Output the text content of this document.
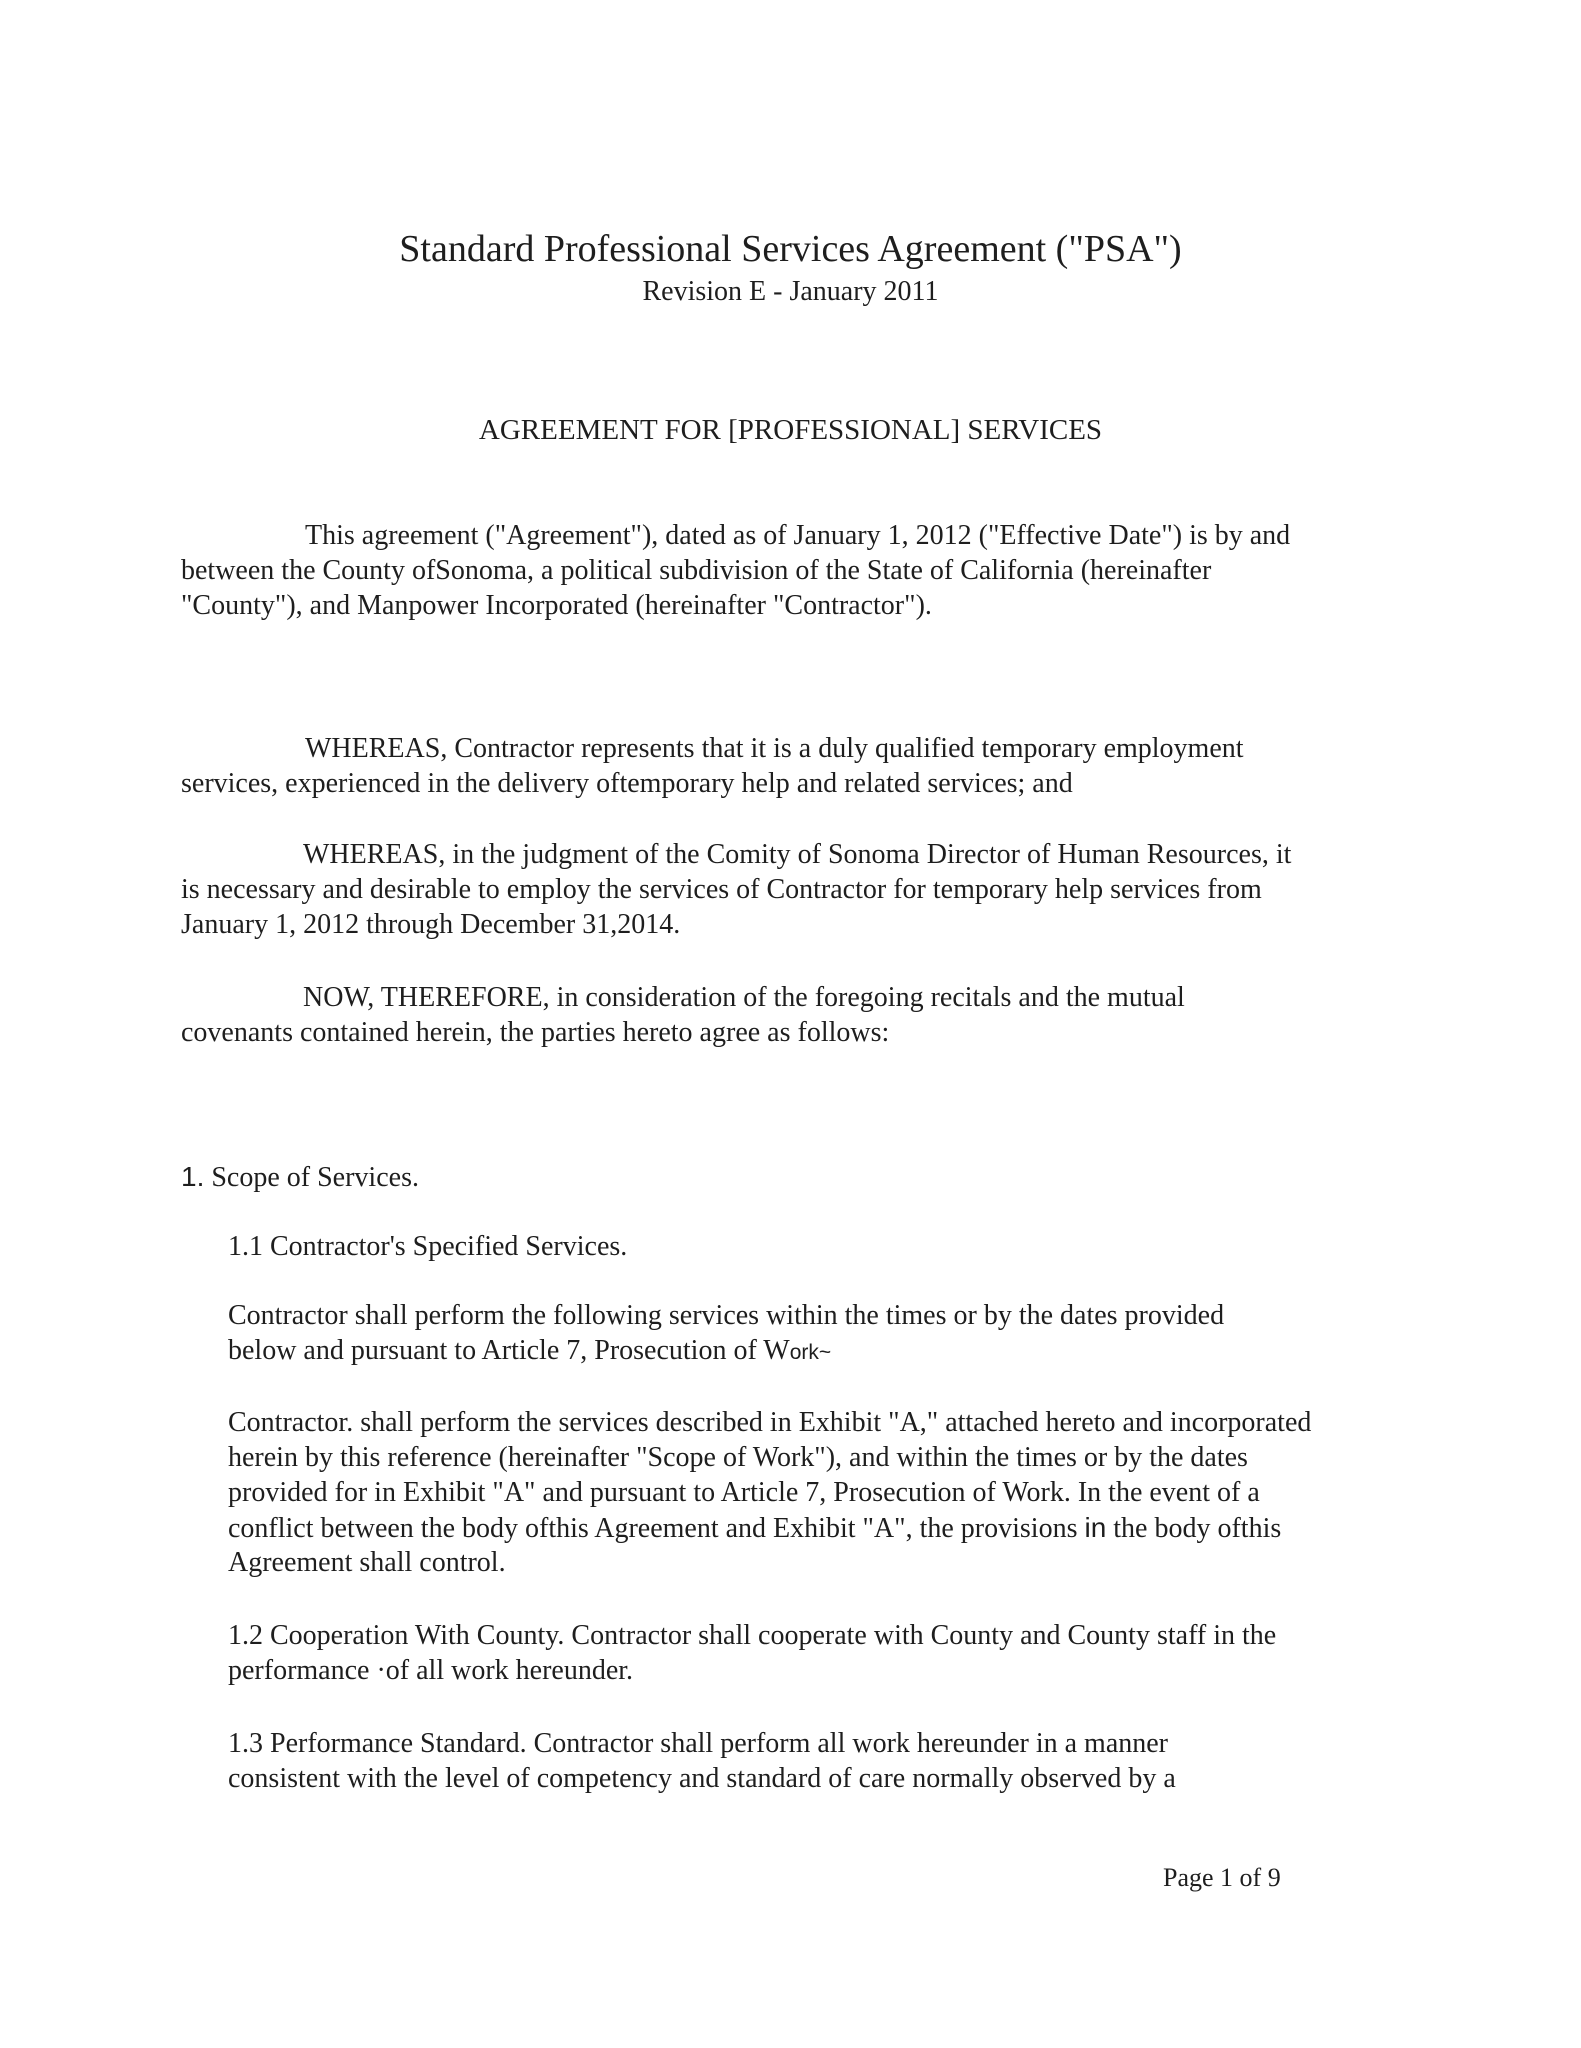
Standard Professional Services Agreement ("PSA")
Revision E - January 2011
AGREEMENT FOR [PROFESSIONAL] SERVICES
This agreement ("Agreement"), dated as of January 1, 2012 ("Effective Date") is by and
between the County ofSonoma, a political subdivision of the State of California (hereinafter
"County"), and Manpower Incorporated (hereinafter "Contractor").
WHEREAS, Contractor represents that it is a duly qualified temporary employment
services, experienced in the delivery oftemporary help and related services; and
WHEREAS, in the judgment of the Comity of Sonoma Director of Human Resources, it
is necessary and desirable to employ the services of Contractor for temporary help services from
January 1, 2012 through December 31,2014.
NOW, THEREFORE, in consideration of the foregoing recitals and the mutual
covenants contained herein, the parties hereto agree as follows:
1. Scope of Services.
1.1 Contractor's Specified Services.
Contractor shall perform the following services within the times or by the dates provided
below and pursuant to Article 7, Prosecution of Work~
Contractor. shall perform the services described in Exhibit "A," attached hereto and incorporated
herein by this reference (hereinafter "Scope of Work"), and within the times or by the dates
provided for in Exhibit "A" and pursuant to Article 7, Prosecution of Work. In the event of a
conflict between the body ofthis Agreement and Exhibit "A", the provisions in the body ofthis
Agreement shall control.
1.2 Cooperation With County. Contractor shall cooperate with County and County staff in the
performance ·of all work hereunder.
1.3 Performance Standard. Contractor shall perform all work hereunder in a manner
consistent with the level of competency and standard of care normally observed by a
Page 1 of 9
